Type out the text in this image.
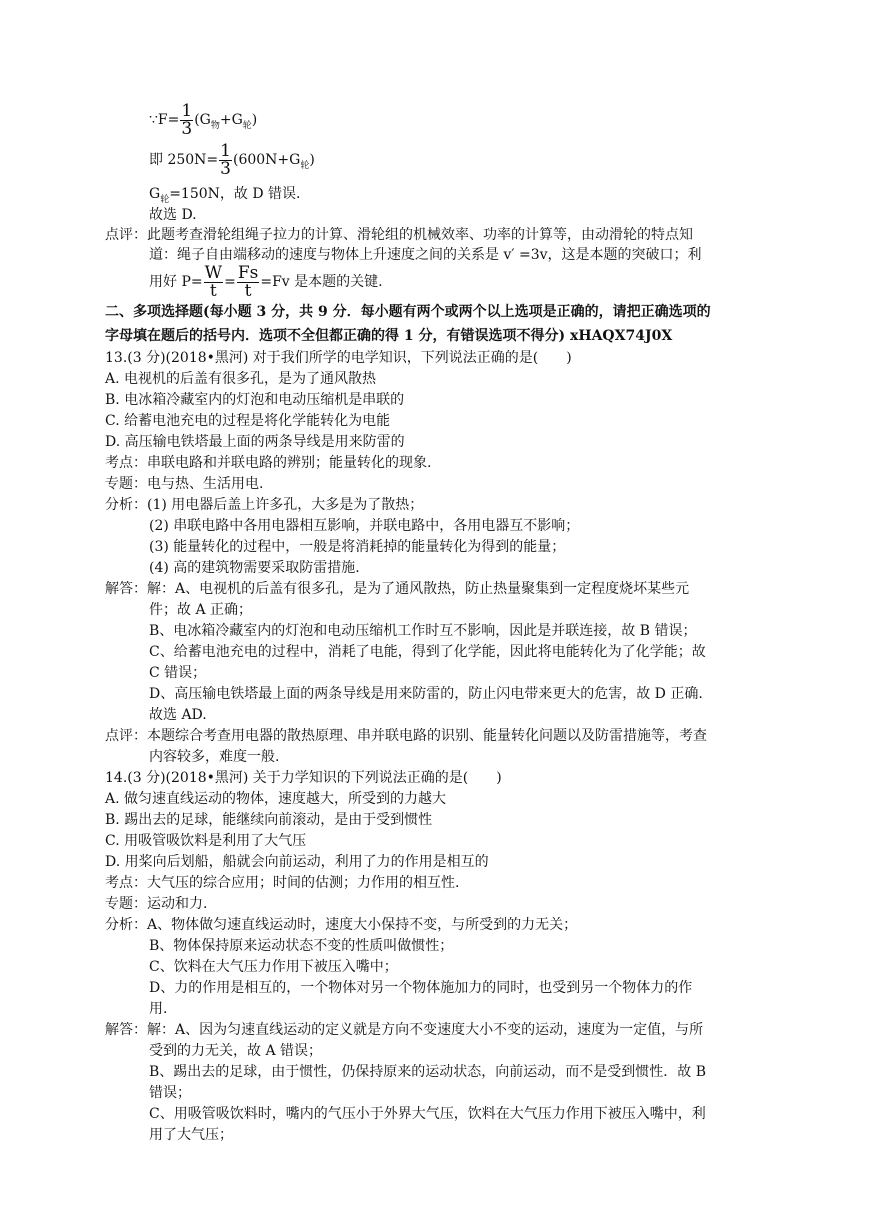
∵F= $\frac{1}{3} (G_物+G_轮)$
即 $250N= \frac{1}{3} (600N+G_轮)$
$G_轮=150N$，故 D 错误.
故选 D.
点评：此题考查滑轮组绳子拉力的计算、滑轮组的机械效率、功率的计算等，由动滑轮的特点知
道：绳子自由端移动的速度与物体上升速度之间的关系是 v′ =3v，这是本题的突破口；利
用好 $P= \frac{W}{t} = \frac{Fs}{t} =Fv$ 是本题的关键.
二、多项选择题(每小题 3 分，共 9 分．每小题有两个或两个以上选项是正确的，请把正确选项的
字母填在题后的括号内．选项不全但都正确的得 1 分，有错误选项不得分) xHAQX74J0X
13.(3 分)(2018•黑河) 对于我们所学的电学知识，下列说法正确的是(　　)
A. 电视机的后盖有很多孔，是为了通风散热
B. 电冰箱冷藏室内的灯泡和电动压缩机是串联的
C. 给蓄电池充电的过程是将化学能转化为电能
D. 高压输电铁塔最上面的两条导线是用来防雷的
考点：串联电路和并联电路的辨别；能量转化的现象.
专题：电与热、生活用电.
分析：(1) 用电器后盖上许多孔，大多是为了散热；
(2) 串联电路中各用电器相互影响，并联电路中，各用电器互不影响；
(3) 能量转化的过程中，一般是将消耗掉的能量转化为得到的能量；
(4) 高的建筑物需要采取防雷措施.
解答：解：A、电视机的后盖有很多孔，是为了通风散热，防止热量聚集到一定程度烧坏某些元
件；故 A 正确；
B、电冰箱冷藏室内的灯泡和电动压缩机工作时互不影响，因此是并联连接，故 B 错误；
C、给蓄电池充电的过程中，消耗了电能，得到了化学能，因此将电能转化为了化学能；故
C 错误；
D、高压输电铁塔最上面的两条导线是用来防雷的，防止闪电带来更大的危害，故 D 正确.
故选 AD.
点评：本题综合考查用电器的散热原理、串并联电路的识别、能量转化问题以及防雷措施等，考查
内容较多，难度一般.
14.(3 分)(2018•黑河) 关于力学知识的下列说法正确的是(　　)
A. 做匀速直线运动的物体，速度越大，所受到的力越大
B. 踢出去的足球，能继续向前滚动，是由于受到惯性
C. 用吸管吸饮料是利用了大气压
D. 用桨向后划船，船就会向前运动，利用了力的作用是相互的
考点：大气压的综合应用；时间的估测；力作用的相互性.
专题：运动和力.
分析：A、物体做匀速直线运动时，速度大小保持不变，与所受到的力无关；
B、物体保持原来运动状态不变的性质叫做惯性；
C、饮料在大气压力作用下被压入嘴中；
D、力的作用是相互的，一个物体对另一个物体施加力的同时，也受到另一个物体力的作
用.
解答：解：A、因为匀速直线运动的定义就是方向不变速度大小不变的运动，速度为一定值，与所
受到的力无关，故 A 错误；
B、踢出去的足球，由于惯性，仍保持原来的运动状态，向前运动，而不是受到惯性．故 B
错误；
C、用吸管吸饮料时，嘴内的气压小于外界大气压，饮料在大气压力作用下被压入嘴中，利
用了大气压；
